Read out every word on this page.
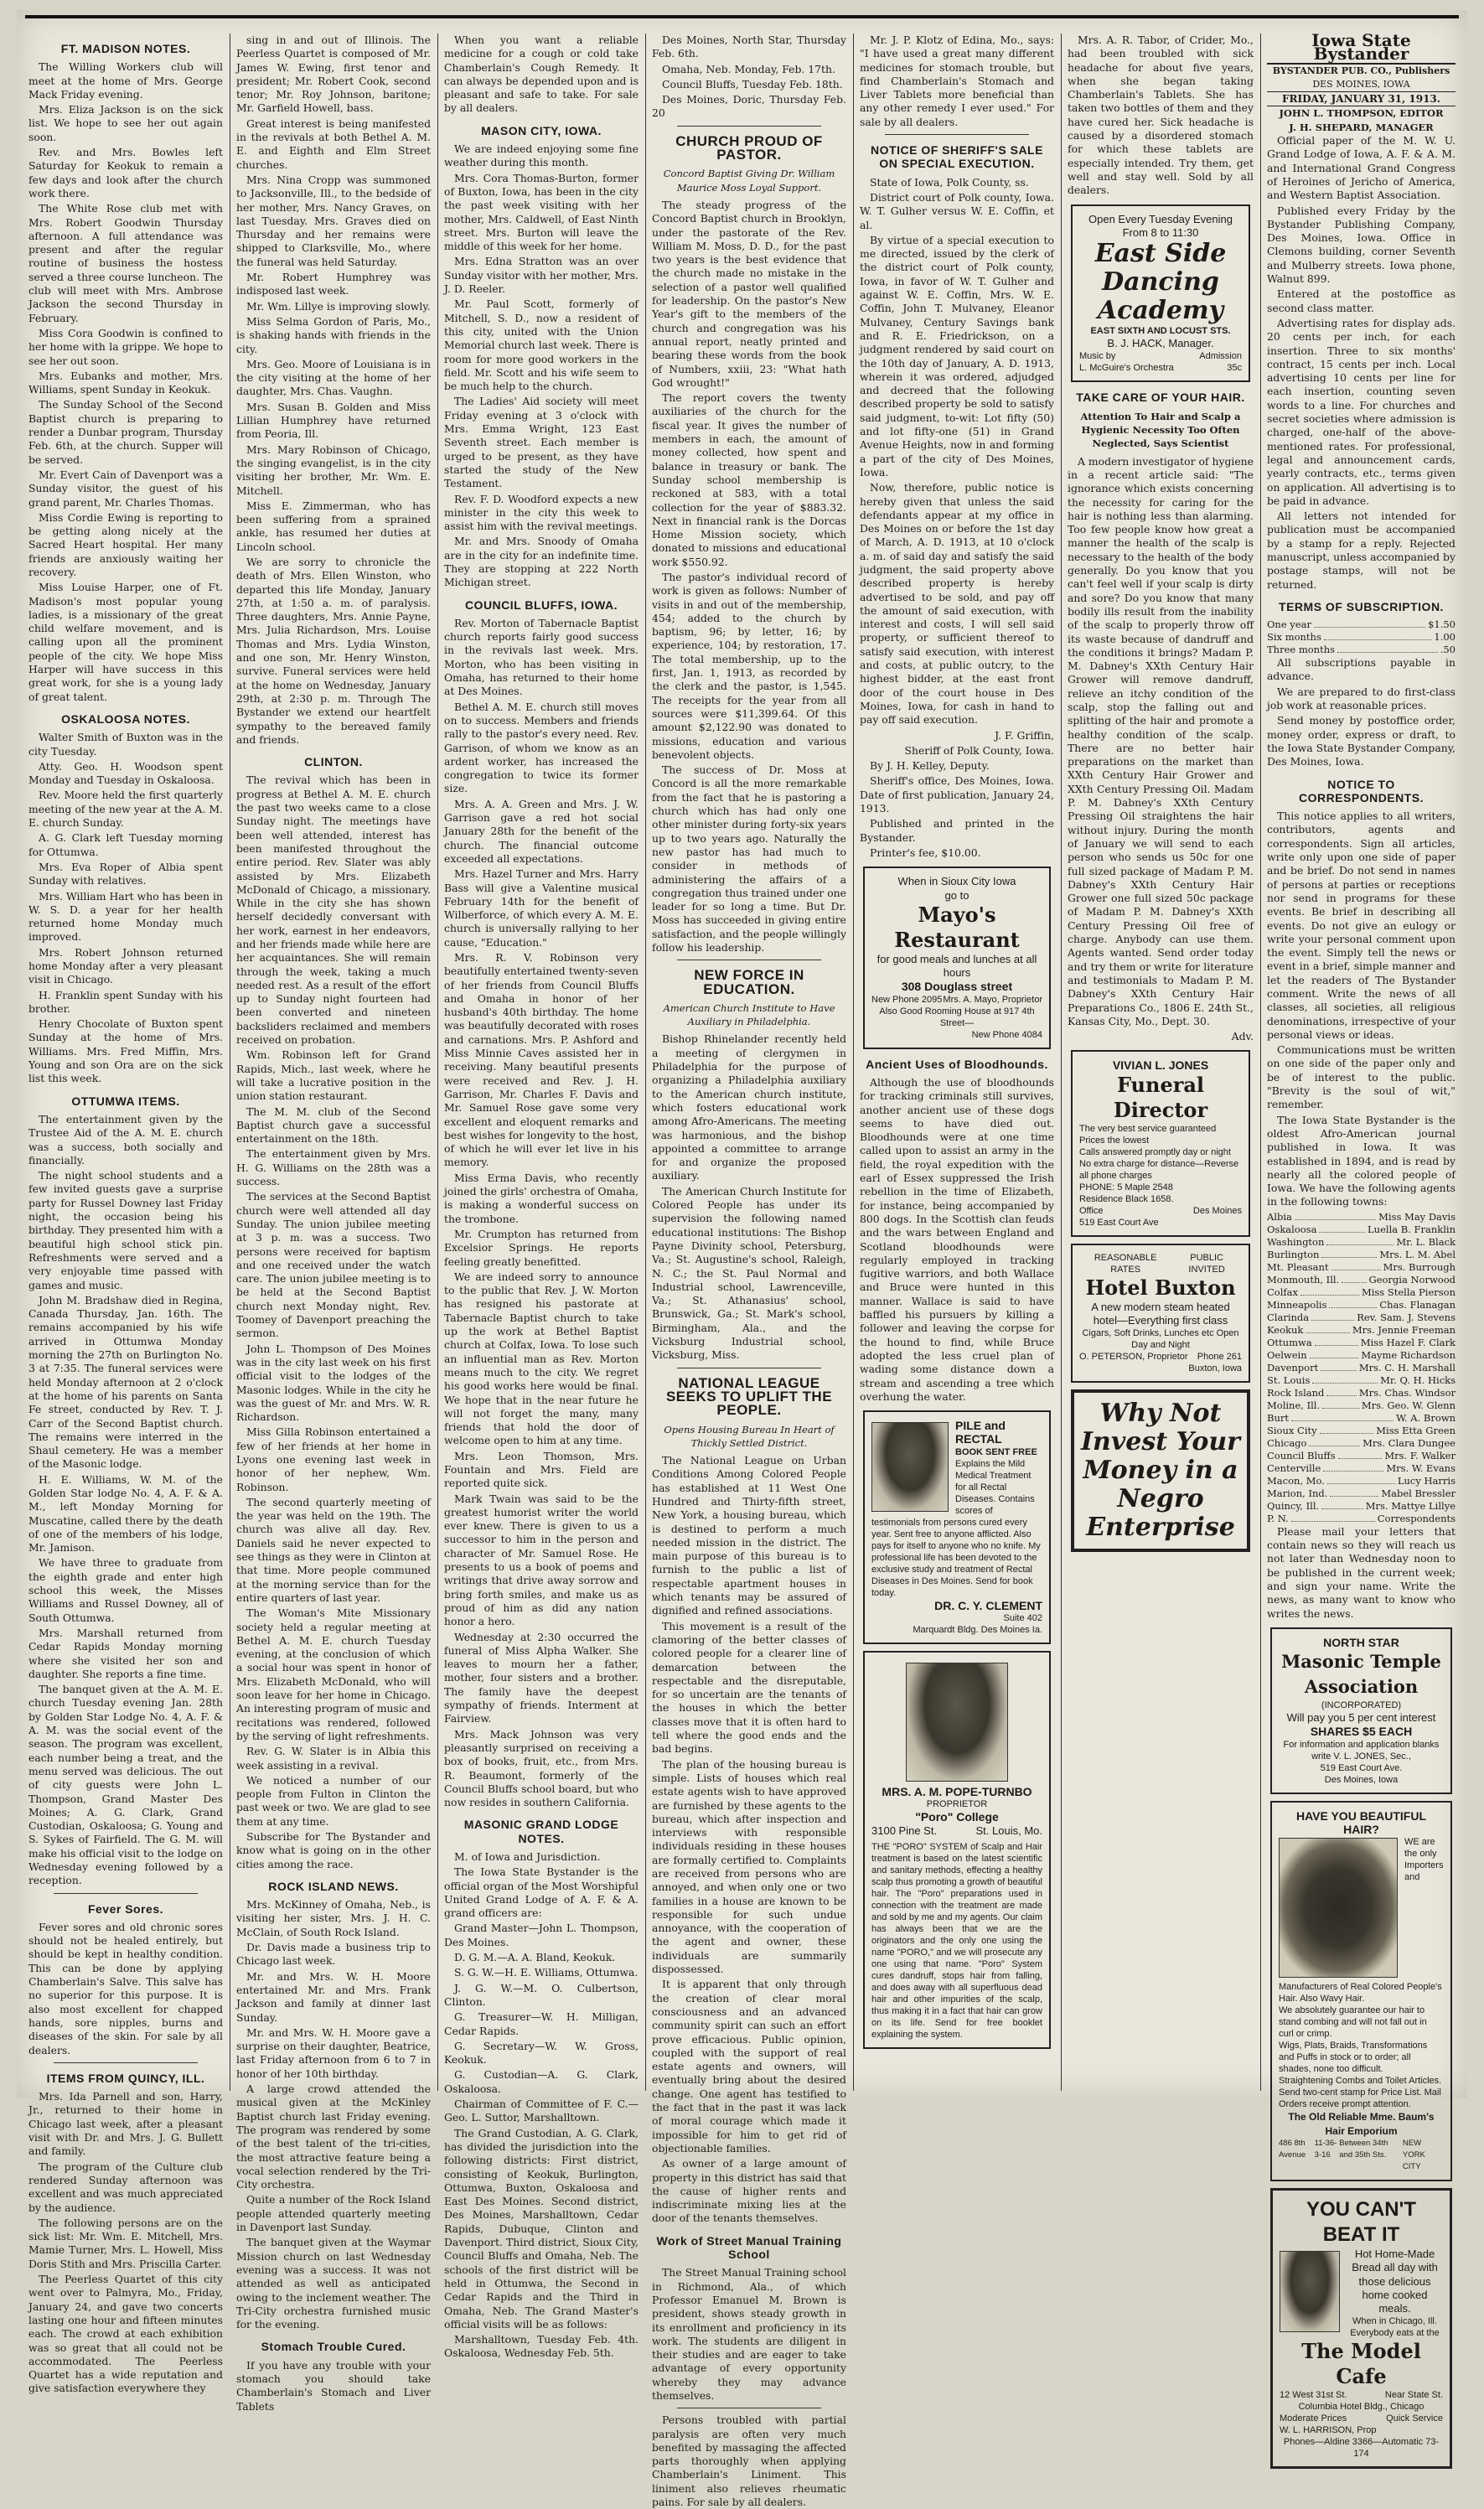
FT. MADISON NOTES.

The Willing Workers club will meet at the home of Mrs. George Mack Friday evening.

Mrs. Eliza Jackson is on the sick list. We hope to see her out again soon.

Rev. and Mrs. Bowles left Saturday for Keokuk to remain a few days and look after the church work there.

The White Rose club met with Mrs. Robert Goodwin Thursday afternoon. A full attendance was present and after the regular routine of business the hostess served a three course luncheon. The club will meet with Mrs. Ambrose Jackson the second Thursday in February.

Miss Cora Goodwin is confined to her home with la grippe. We hope to see her out soon.

Mrs. Eubanks and mother, Mrs. Williams, spent Sunday in Keokuk.

The Sunday School of the Second Baptist church is preparing to render a Dunbar program, Thursday Feb. 6th, at the church. Supper will be served.

Mr. Evert Cain of Davenport was a Sunday visitor, the guest of his grand parent, Mr. Charles Thomas.

Miss Cordie Ewing is reporting to be getting along nicely at the Sacred Heart hospital. Her many friends are anxiously waiting her recovery.

Miss Louise Harper, one of Ft. Madison's most popular young ladies, is a missionary of the great child welfare movement, and is calling upon all the prominent people of the city. We hope Miss Harper will have success in this great work, for she is a young lady of great talent.

OSKALOOSA NOTES.

Walter Smith of Buxton was in the city Tuesday.

Atty. Geo. H. Woodson spent Monday and Tuesday in Oskaloosa.

Rev. Moore held the first quarterly meeting of the new year at the A. M. E. church Sunday.

A. G. Clark left Tuesday morning for Ottumwa.

Mrs. Eva Roper of Albia spent Sunday with relatives.

Mrs. William Hart who has been in W. S. D. a year for her health returned home Monday much improved.

Mrs. Robert Johnson returned home Monday after a very pleasant visit in Chicago.

H. Franklin spent Sunday with his brother.

Henry Chocolate of Buxton spent Sunday at the home of Mrs. Williams. Mrs. Fred Miffin, Mrs. Young and son Ora are on the sick list this week.

OTTUMWA ITEMS.

The entertainment given by the Trustee Aid of the A. M. E. church was a success, both socially and financially.

The night school students and a few invited guests gave a surprise party for Russel Downey last Friday night, the occasion being his birthday. They presented him with a beautiful high school stick pin. Refreshments were served and a very enjoyable time passed with games and music.

John M. Bradshaw died in Regina, Canada Thursday, Jan. 16th. The remains accompanied by his wife arrived in Ottumwa Monday morning the 27th on Burlington No. 3 at 7:35. The funeral services were held Monday afternoon at 2 o'clock at the home of his parents on Santa Fe street, conducted by Rev. T. J. Carr of the Second Baptist church. The remains were interred in the Shaul cemetery. He was a member of the Masonic lodge.

H. E. Williams, W. M. of the Golden Star lodge No. 4, A. F. & A. M., left Monday Morning for Muscatine, called there by the death of one of the members of his lodge, Mr. Jamison.

We have three to graduate from the eighth grade and enter high school this week, the Misses Williams and Russel Downey, all of South Ottumwa.

Mrs. Marshall returned from Cedar Rapids Monday morning where she visited her son and daughter. She reports a fine time.

The banquet given at the A. M. E. church Tuesday evening Jan. 28th by Golden Star Lodge No. 4, A. F. & A. M. was the social event of the season. The program was excellent, each number being a treat, and the menu served was delicious. The out of city guests were John L. Thompson, Grand Master Des Moines; A. G. Clark, Grand Custodian, Oskaloosa; G. Young and S. Sykes of Fairfield. The G. M. will make his official visit to the lodge on Wednesday evening followed by a reception.

Fever Sores.

Fever sores and old chronic sores should not be healed entirely, but should be kept in healthy condition. This can be done by applying Chamberlain's Salve. This salve has no superior for this purpose. It is also most excellent for chapped hands, sore nipples, burns and diseases of the skin. For sale by all dealers.

ITEMS FROM QUINCY, ILL.

Mrs. Ida Parnell and son, Harry, Jr., returned to their home in Chicago last week, after a pleasant visit with Dr. and Mrs. J. G. Bullett and family.

The program of the Culture club rendered Sunday afternoon was excellent and was much appreciated by the audience.

The following persons are on the sick list: Mr. Wm. E. Mitchell, Mrs. Mamie Turner, Mrs. L. Howell, Miss Doris Stith and Mrs. Priscilla Carter.

The Peerless Quartet of this city went over to Palmyra, Mo., Friday, January 24, and gave two concerts lasting one hour and fifteen minutes each. The crowd at each exhibition was so great that all could not be accommodated. The Peerless Quartet has a wide reputation and give satisfaction everywhere they

sing in and out of Illinois. The Peerless Quartet is composed of Mr. James W. Ewing, first tenor and president; Mr. Robert Cook, second tenor; Mr. Roy Johnson, baritone; Mr. Garfield Howell, bass.

Great interest is being manifested in the revivals at both Bethel A. M. E. and Eighth and Elm Street churches.

Mrs. Nina Cropp was summoned to Jacksonville, Ill., to the bedside of her mother, Mrs. Nancy Graves, on last Tuesday. Mrs. Graves died on Thursday and her remains were shipped to Clarksville, Mo., where the funeral was held Saturday.

Mr. Robert Humphrey was indisposed last week.

Mr. Wm. Lillye is improving slowly.

Miss Selma Gordon of Paris, Mo., is shaking hands with friends in the city.

Mrs. Geo. Moore of Louisiana is in the city visiting at the home of her daughter, Mrs. Chas. Vaughn.

Mrs. Susan B. Golden and Miss Lillian Humphrey have returned from Peoria, Ill.

Mrs. Mary Robinson of Chicago, the singing evangelist, is in the city visiting her brother, Mr. Wm. E. Mitchell.

Miss E. Zimmerman, who has been suffering from a sprained ankle, has resumed her duties at Lincoln school.

We are sorry to chronicle the death of Mrs. Ellen Winston, who departed this life Monday, January 27th, at 1:50 a. m. of paralysis. Three daughters, Mrs. Annie Payne, Mrs. Julia Richardson, Mrs. Louise Thomas and Mrs. Lydia Winston, and one son, Mr. Henry Winston, survive. Funeral services were held at the home on Wednesday, January 29th, at 2:30 p. m. Through The Bystander we extend our heartfelt sympathy to the bereaved family and friends.

CLINTON.

The revival which has been in progress at Bethel A. M. E. church the past two weeks came to a close Sunday night. The meetings have been well attended, interest has been manifested throughout the entire period. Rev. Slater was ably assisted by Mrs. Elizabeth McDonald of Chicago, a missionary. While in the city she has shown herself decidedly conversant with her work, earnest in her endeavors, and her friends made while here are her acquaintances. She will remain through the week, taking a much needed rest. As a result of the effort up to Sunday night fourteen had been converted and nineteen backsliders reclaimed and members received on probation.

Wm. Robinson left for Grand Rapids, Mich., last week, where he will take a lucrative position in the union station restaurant.

The M. M. club of the Second Baptist church gave a successful entertainment on the 18th.

The entertainment given by Mrs. H. G. Williams on the 28th was a success.

The services at the Second Baptist church were well attended all day Sunday. The union jubilee meeting at 3 p. m. was a success. Two persons were received for baptism and one received under the watch care. The union jubilee meeting is to be held at the Second Baptist church next Monday night, Rev. Toomey of Davenport preaching the sermon.

John L. Thompson of Des Moines was in the city last week on his first official visit to the lodges of the Masonic lodges. While in the city he was the guest of Mr. and Mrs. W. R. Richardson.

Miss Gilla Robinson entertained a few of her friends at her home in Lyons one evening last week in honor of her nephew, Wm. Robinson.

The second quarterly meeting of the year was held on the 19th. The church was alive all day. Rev. Daniels said he never expected to see things as they were in Clinton at that time. More people communed at the morning service than for the entire quarters of last year.

The Woman's Mite Missionary society held a regular meeting at Bethel A. M. E. church Tuesday evening, at the conclusion of which a social hour was spent in honor of Mrs. Elizabeth McDonald, who will soon leave for her home in Chicago. An interesting program of music and recitations was rendered, followed by the serving of light refreshments.

Rev. G. W. Slater is in Albia this week assisting in a revival.

We noticed a number of our people from Fulton in Clinton the past week or two. We are glad to see them at any time.

Subscribe for The Bystander and know what is going on in the other cities among the race.

ROCK ISLAND NEWS.

Mrs. McKinney of Omaha, Neb., is visiting her sister, Mrs. J. H. C. McClain, of South Rock Island.

Dr. Davis made a business trip to Chicago last week.

Mr. and Mrs. W. H. Moore entertained Mr. and Mrs. Frank Jackson and family at dinner last Sunday.

Mr. and Mrs. W. H. Moore gave a surprise on their daughter, Beatrice, last Friday afternoon from 6 to 7 in honor of her 10th birthday.

A large crowd attended the musical given at the McKinley Baptist church last Friday evening. The program was rendered by some of the best talent of the tri-cities, the most attractive feature being a vocal selection rendered by the Tri-City orchestra.

Quite a number of the Rock Island people attended quarterly meeting in Davenport last Sunday.

The banquet given at the Waymar Mission church on last Wednesday evening was a success. It was not attended as well as anticipated owing to the inclement weather. The Tri-City orchestra furnished music for the evening.

Stomach Trouble Cured.

If you have any trouble with your stomach you should take Chamberlain's Stomach and Liver Tablets

When you want a reliable medicine for a cough or cold take Chamberlain's Cough Remedy. It can always be depended upon and is pleasant and safe to take. For sale by all dealers.

MASON CITY, IOWA.

We are indeed enjoying some fine weather during this month.

Mrs. Cora Thomas-Burton, former of Buxton, Iowa, has been in the city the past week visiting with her mother, Mrs. Caldwell, of East Ninth street. Mrs. Burton will leave the middle of this week for her home.

Mrs. Edna Stratton was an over Sunday visitor with her mother, Mrs. J. D. Reeler.

Mr. Paul Scott, formerly of Mitchell, S. D., now a resident of this city, united with the Union Memorial church last week. There is room for more good workers in the field. Mr. Scott and his wife seem to be much help to the church.

The Ladies' Aid society will meet Friday evening at 3 o'clock with Mrs. Emma Wright, 123 East Seventh street. Each member is urged to be present, as they have started the study of the New Testament.

Rev. F. D. Woodford expects a new minister in the city this week to assist him with the revival meetings.

Mr. and Mrs. Snoody of Omaha are in the city for an indefinite time. They are stopping at 222 North Michigan street.

COUNCIL BLUFFS, IOWA.

Rev. Morton of Tabernacle Baptist church reports fairly good success in the revivals last week. Mrs. Morton, who has been visiting in Omaha, has returned to their home at Des Moines.

Bethel A. M. E. church still moves on to success. Members and friends rally to the pastor's every need. Rev. Garrison, of whom we know as an ardent worker, has increased the congregation to twice its former size.

Mrs. A. A. Green and Mrs. J. W. Garrison gave a red hot social January 28th for the benefit of the church. The financial outcome exceeded all expectations.

Mrs. Hazel Turner and Mrs. Harry Bass will give a Valentine musical February 14th for the benefit of Wilberforce, of which every A. M. E. church is universally rallying to her cause, "Education."

Mrs. R. V. Robinson very beautifully entertained twenty-seven of her friends from Council Bluffs and Omaha in honor of her husband's 40th birthday. The home was beautifully decorated with roses and carnations. Mrs. P. Ashford and Miss Minnie Caves assisted her in receiving. Many beautiful presents were received and Rev. J. H. Garrison, Mr. Charles F. Davis and Mr. Samuel Rose gave some very excellent and eloquent remarks and best wishes for longevity to the host, of which he will ever let live in his memory.

Miss Erma Davis, who recently joined the girls' orchestra of Omaha, is making a wonderful success on the trombone.

Mr. Crumpton has returned from Excelsior Springs. He reports feeling greatly benefitted.

We are indeed sorry to announce to the public that Rev. J. W. Morton has resigned his pastorate at Tabernacle Baptist church to take up the work at Bethel Baptist church at Colfax, Iowa. To lose such an influential man as Rev. Morton means much to the city. We regret his good works here would be final. We hope that in the near future he will not forget the many, many friends that hold the door of welcome open to him at any time.

Mrs. Leon Thomson, Mrs. Fountain and Mrs. Field are reported quite sick.

Mark Twain was said to be the greatest humorist writer the world ever knew. There is given to us a successor to him in the person and character of Mr. Samuel Rose. He presents to us a book of poems and writings that drive away sorrow and bring forth smiles, and make us as proud of him as did any nation honor a hero.

Wednesday at 2:30 occurred the funeral of Miss Alpha Walker. She leaves to mourn her a father, mother, four sisters and a brother. The family have the deepest sympathy of friends. Interment at Fairview.

Mrs. Mack Johnson was very pleasantly surprised on receiving a box of books, fruit, etc., from Mrs. R. Beaumont, formerly of the Council Bluffs school board, but who now resides in southern California.

MASONIC GRAND LODGE NOTES.

M. of Iowa and Jurisdiction.

The Iowa State Bystander is the official organ of the Most Worshipful United Grand Lodge of A. F. & A. grand officers are:

Grand Master—John L. Thompson, Des Moines.

D. G. M.—A. A. Bland, Keokuk.

S. G. W.—H. E. Williams, Ottumwa.

J. G. W.—M. O. Culbertson, Clinton.

G. Treasurer—W. H. Milligan, Cedar Rapids.

G. Secretary—W. W. Gross, Keokuk.

G. Custodian—A. G. Clark, Oskaloosa.

Chairman of Committee of F. C.—Geo. L. Suttor, Marshalltown.

The Grand Custodian, A. G. Clark, has divided the jurisdiction into the following districts: First district, consisting of Keokuk, Burlington, Ottumwa, Buxton, Oskaloosa and East Des Moines. Second district, Des Moines, Marshalltown, Cedar Rapids, Dubuque, Clinton and Davenport. Third district, Sioux City, Council Bluffs and Omaha, Neb. The schools of the first district will be held in Ottumwa, the Second in Cedar Rapids and the Third in Omaha, Neb. The Grand Master's official visits will be as follows:

Marshalltown, Tuesday Feb. 4th. Oskaloosa, Wednesday Feb. 5th.

Des Moines, North Star, Thursday Feb. 6th.

Omaha, Neb. Monday, Feb. 17th.

Council Bluffs, Tuesday Feb. 18th.

Des Moines, Doric, Thursday Feb. 20

CHURCH PROUD OF PASTOR.
Concord Baptist Giving Dr. William Maurice Moss Loyal Support.

The steady progress of the Concord Baptist church in Brooklyn, under the pastorate of the Rev. William M. Moss, D. D., for the past two years is the best evidence that the church made no mistake in the selection of a pastor well qualified for leadership. On the pastor's New Year's gift to the members of the church and congregation was his annual report, neatly printed and bearing these words from the book of Numbers, xxiii, 23: "What hath God wrought!"

The report covers the twenty auxiliaries of the church for the fiscal year. It gives the number of members in each, the amount of money collected, how spent and balance in treasury or bank. The Sunday school membership is reckoned at 583, with a total collection for the year of $883.32. Next in financial rank is the Dorcas Home Mission society, which donated to missions and educational work $550.92.

The pastor's individual record of work is given as follows: Number of visits in and out of the membership, 454; added to the church by baptism, 96; by letter, 16; by experience, 104; by restoration, 17. The total membership, up to the first, Jan. 1, 1913, as recorded by the clerk and the pastor, is 1,545. The receipts for the year from all sources were $11,399.64. Of this amount $2,122.90 was donated to missions, education and various benevolent objects.

The success of Dr. Moss at Concord is all the more remarkable from the fact that he is pastoring a church which has had only one other minister during forty-six years up to two years ago. Naturally the new pastor has had much to consider in methods of administering the affairs of a congregation thus trained under one leader for so long a time. But Dr. Moss has succeeded in giving entire satisfaction, and the people willingly follow his leadership.

NEW FORCE IN EDUCATION.
American Church Institute to Have Auxiliary in Philadelphia.

Bishop Rhinelander recently held a meeting of clergymen in Philadelphia for the purpose of organizing a Philadelphia auxiliary to the American church institute, which fosters educational work among Afro-Americans. The meeting was harmonious, and the bishop appointed a committee to arrange for and organize the proposed auxiliary.

The American Church Institute for Colored People has under its supervision the following named educational institutions: The Bishop Payne Divinity school, Petersburg, Va.; St. Augustine's school, Raleigh, N. C.; the St. Paul Normal and Industrial school, Lawrenceville, Va.; St. Athanasius' school, Brunswick, Ga.; St. Mark's school, Birmingham, Ala., and the Vicksburg Industrial school, Vicksburg, Miss.

NATIONAL LEAGUE SEEKS TO UPLIFT THE PEOPLE.
Opens Housing Bureau In Heart of Thickly Settled District.

The National League on Urban Conditions Among Colored People has established at 11 West One Hundred and Thirty-fifth street, New York, a housing bureau, which is destined to perform a much needed mission in the district. The main purpose of this bureau is to furnish to the public a list of respectable apartment houses in which tenants may be assured of dignified and refined associations.

This movement is a result of the clamoring of the better classes of colored people for a clearer line of demarcation between the respectable and the disreputable, for so uncertain are the tenants of the houses in which the better classes move that it is often hard to tell where the good ends and the bad begins.

The plan of the housing bureau is simple. Lists of houses which real estate agents wish to have approved are furnished by these agents to the bureau, which after inspection and interviews with responsible individuals residing in these houses are formally certified to. Complaints are received from persons who are annoyed, and when only one or two families in a house are known to be responsible for such undue annoyance, with the cooperation of the agent and owner, these individuals are summarily dispossessed.

It is apparent that only through the creation of clear moral consciousness and an advanced community spirit can such an effort prove efficacious. Public opinion, coupled with the support of real estate agents and owners, will eventually bring about the desired change. One agent has testified to the fact that in the past it was lack of moral courage which made it impossible for him to get rid of objectionable families.

As owner of a large amount of property in this district has said that the cause of higher rents and indiscriminate mixing lies at the door of the tenants themselves.

Work of Street Manual Training School

The Street Manual Training school in Richmond, Ala., of which Professor Emanuel M. Brown is president, shows steady growth in its enrollment and proficiency in its work. The students are diligent in their studies and are eager to take advantage of every opportunity whereby they may advance themselves.

Persons troubled with partial paralysis are often very much benefited by massaging the affected parts thoroughly when applying Chamberlain's Liniment. This liniment also relieves rheumatic pains. For sale by all dealers.

Mr. J. P. Klotz of Edina, Mo., says: "I have used a great many different medicines for stomach trouble, but find Chamberlain's Stomach and Liver Tablets more beneficial than any other remedy I ever used." For sale by all dealers.

NOTICE OF SHERIFF'S SALE ON SPECIAL EXECUTION.

State of Iowa, Polk County, ss.

District court of Polk county, Iowa. W. T. Gulher versus W. E. Coffin, et al.

By virtue of a special execution to me directed, issued by the clerk of the district court of Polk county, Iowa, in favor of W. T. Gulher and against W. E. Coffin, Mrs. W. E. Coffin, John T. Mulvaney, Eleanor Mulvaney, Century Savings bank and R. E. Friedrickson, on a judgment rendered by said court on the 10th day of January, A. D. 1913, wherein it was ordered, adjudged and decreed that the following described property be sold to satisfy said judgment, to-wit: Lot fifty (50) and lot fifty-one (51) in Grand Avenue Heights, now in and forming a part of the city of Des Moines, Iowa.

Now, therefore, public notice is hereby given that unless the said defendants appear at my office in Des Moines on or before the 1st day of March, A. D. 1913, at 10 o'clock a. m. of said day and satisfy the said judgment, the said property above described property is hereby advertised to be sold, and pay off the amount of said execution, with interest and costs, I will sell said property, or sufficient thereof to satisfy said execution, with interest and costs, at public outcry, to the highest bidder, at the east front door of the court house in Des Moines, Iowa, for cash in hand to pay off said execution.

J. F. Griffin,

Sheriff of Polk County, Iowa.

By J. H. Kelley, Deputy.

Sheriff's office, Des Moines, Iowa. Date of first publication, January 24, 1913.

Published and printed in the Bystander.

Printer's fee, $10.00.

When in Sioux City Iowa
go to
Mayo's Restaurant
for good meals and lunches at all hours
308 Douglass street
New Phone 2095 Mrs. A. Mayo, Proprietor
Also Good Rooming House at 917 4th Street—
New Phone 4084
Ancient Uses of Bloodhounds.

Although the use of bloodhounds for tracking criminals still survives, another ancient use of these dogs seems to have died out. Bloodhounds were at one time called upon to assist an army in the field, the royal expedition with the earl of Essex suppressed the Irish rebellion in the time of Elizabeth, for instance, being accompanied by 800 dogs. In the Scottish clan feuds and the wars between England and Scotland bloodhounds were regularly employed in tracking fugitive warriors, and both Wallace and Bruce were hunted in this manner. Wallace is said to have baffled his pursuers by killing a follower and leaving the corpse for the hound to find, while Bruce adopted the less cruel plan of wading some distance down a stream and ascending a tree which overhung the water.

PILE and RECTAL
BOOK SENT FREE
Explains the Mild Medical Treatment for all Rectal Diseases. Contains scores of testimonials from persons cured every year. Sent free to anyone afflicted. Also pays for itself to anyone who no knife. My professional life has been devoted to the exclusive study and treatment of Rectal Diseases in Des Moines. Send for book today.
DR. C. Y. CLEMENT
Suite 402
Marquardt Bldg. Des Moines Ia.
MRS. A. M. POPE-TURNBO
PROPRIETOR
"Poro" College
3100 Pine St.	St. Louis, Mo.
THE "PORO" SYSTEM of Scalp and Hair treatment is based on the latest scientific and sanitary methods, effecting a healthy scalp thus promoting a growth of beautiful hair. The "Poro" preparations used in connection with the treatment are made and sold by me and my agents. Our claim has always been that we are the originators and the only one using the name "PORO," and we will prosecute any one using that name. "Poro" System cures dandruff, stops hair from falling, and does away with all superfluous dead hair and other impurities of the scalp, thus making it in a fact that hair can grow on its life. Send for free booklet explaining the system.

Mrs. A. R. Tabor, of Crider, Mo., had been troubled with sick headache for about five years, when she began taking Chamberlain's Tablets. She has taken two bottles of them and they have cured her. Sick headache is caused by a disordered stomach for which these tablets are especially intended. Try them, get well and stay well. Sold by all dealers.

Open Every Tuesday Evening
From 8 to 11:30
East Side
Dancing Academy
EAST SIXTH AND LOCUST STS.
B. J. HACK, Manager.
Music by	Admission
L. McGuire's Orchestra	35c
TAKE CARE OF YOUR HAIR.
Attention To Hair and Scalp a Hygienic Necessity Too Often Neglected, Says Scientist

A modern investigator of hygiene in a recent article said: "The ignorance which exists concerning the necessity for caring for the hair is nothing less than alarming. Too few people know how great a manner the health of the scalp is necessary to the health of the body generally. Do you know that you can't feel well if your scalp is dirty and sore? Do you know that many bodily ills result from the inability of the scalp to properly throw off its waste because of dandruff and the conditions it brings? Madam P. M. Dabney's XXth Century Hair Grower will remove dandruff, relieve an itchy condition of the scalp, stop the falling out and splitting of the hair and promote a healthy condition of the scalp. There are no better hair preparations on the market than XXth Century Hair Grower and XXth Century Pressing Oil. Madam P. M. Dabney's XXth Century Pressing Oil straightens the hair without injury. During the month of January we will send to each person who sends us 50c for one full sized package of Madam P. M. Dabney's XXth Century Hair Grower one full sized 50c package of Madam P. M. Dabney's XXth Century Pressing Oil free of charge. Anybody can use them. Agents wanted. Send order today and try them or write for literature and testimonials to Madam P. M. Dabney's XXth Century Hair Preparations Co., 1806 E. 24th St., Kansas City, Mo., Dept. 30.

Adv.

VIVIAN L. JONES
Funeral Director
The very best service guaranteed
Prices the lowest
Calls answered promptly day or night
No extra charge for distance—Reverse all phone charges
PHONE: 5 Maple 2548
Residence Black 1658.
Office	Des Moines
519 East Court Ave
REASONABLE RATES
PUBLIC INVITED
Hotel Buxton
A new modern steam heated hotel—Everything first class
Cigars, Soft Drinks, Lunches etc Open Day and Night
O. PETERSON, Proprietor Phone 261
Buxton, Iowa
Why Not
Invest Your
Money in a
Negro
Enterprise
Iowa State Bystander
BYSTANDER PUB. CO., Publishers
DES MOINES, IOWA
FRIDAY, JANUARY 31, 1913.
JOHN L. THOMPSON, EDITOR
J. H. SHEPARD, MANAGER

Official paper of the M. W. U. Grand Lodge of Iowa, A. F. & A. M. and International Grand Congress of Heroines of Jericho of America, and Western Baptist Association.

Published every Friday by the Bystander Publishing Company, Des Moines, Iowa. Office in Clemons building, corner Seventh and Mulberry streets. Iowa phone, Walnut 899.

Entered at the postoffice as second class matter.

Advertising rates for display ads. 20 cents per inch, for each insertion. Three to six months' contract, 15 cents per inch. Local advertising 10 cents per line for each insertion, counting seven words to a line. For churches and secret societies where admission is charged, one-half of the above-mentioned rates. For professional, legal and announcement cards, yearly contracts, etc., terms given on application. All advertising is to be paid in advance.

All letters not intended for publication must be accompanied by a stamp for a reply. Rejected manuscript, unless accompanied by postage stamps, will not be returned.

TERMS OF SUBSCRIPTION.
One year	$1.50
Six months	1.00
Three months	.50

All subscriptions payable in advance.

We are prepared to do first-class job work at reasonable prices.

Send money by postoffice order, money order, express or draft, to the Iowa State Bystander Company, Des Moines, Iowa.

NOTICE TO CORRESPONDENTS.

This notice applies to all writers, contributors, agents and correspondents. Sign all articles, write only upon one side of paper and be brief. Do not send in names of persons at parties or receptions nor send in programs for these events. Be brief in describing all events. Do not give an eulogy or write your personal comment upon the event. Simply tell the news or event in a brief, simple manner and let the readers of The Bystander comment. Write the news of all classes, all societies, all religious denominations, irrespective of your personal views or ideas.

Communications must be written on one side of the paper only and be of interest to the public. "Brevity is the soul of wit," remember.

The Iowa State Bystander is the oldest Afro-American journal published in Iowa. It was established in 1894, and is read by nearly all the colored people of Iowa. We have the following agents in the following towns:

Albia	Miss May Davis
Oskaloosa	Luella B. Franklin
Washington	Mr. L. Black
Burlington	Mrs. L. M. Abel
Mt. Pleasant	Mrs. Burrough
Monmouth, Ill.	Georgia Norwood
Colfax	Miss Stella Pierson
Minneapolis	Chas. Flanagan
Clarinda	Rev. Sam. J. Stevens
Keokuk	Mrs. Jennie Freeman
Ottumwa	Miss Hazel F. Clark
Oelwein	Mayme Richardson
Davenport	Mrs. C. H. Marshall
St. Louis	Mr. Q. H. Hicks
Rock Island	Mrs. Chas. Windsor
Moline, Ill.	Mrs. Geo. W. Glenn
Burt	W. A. Brown
Sioux City	Miss Etta Green
Chicago	Mrs. Clara Dungee
Council Bluffs	Mrs. F. Walker
Centerville	Mrs. W. Evans
Macon, Mo.	Lucy Harris
Marion, Ind.	Mabel Bressler
Quincy, Ill.	Mrs. Mattye Lillye
P. N.	Correspondents

Please mail your letters that contain news so they will reach us not later than Wednesday noon to be published in the current week; and sign your name. Write the news, as many want to know who writes the news.

NORTH STAR
Masonic Temple Association
(INCORPORATED)
Will pay you 5 per cent interest
SHARES $5 EACH
For information and application blanks
write V. L. JONES, Sec.,
519 East Court Ave.
Des Moines, Iowa
HAVE YOU BEAUTIFUL HAIR?
WE are the only Importers and Manufacturers of Real Colored People's Hair. Also Wavy Hair.
We absolutely guarantee our hair to stand combing and will not fall out in curl or crimp.
Wigs, Plats, Braids, Transformations and Puffs in stock or to order; all shades, none too difficult.
Straightening Combs and Toilet Articles.
Send two-cent stamp for Price List. Mail Orders receive prompt attention.
The Old Reliable Mme. Baum's Hair Emporium
486 8th Avenue
11-36-3-16
Between 34th and 35th Sts.
NEW YORK CITY
YOU CAN'T BEAT IT
Hot Home-Made Bread all day with those delicious home cooked meals.
When in Chicago, Ill.
Everybody eats at the
The Model Cafe
12 West 31st St.	Near State St.
Columbia Hotel Bldg., Chicago
Moderate Prices	Quick Service
W. L. HARRISON, Prop
Phones—Aldine 3366—Automatic 73-174
